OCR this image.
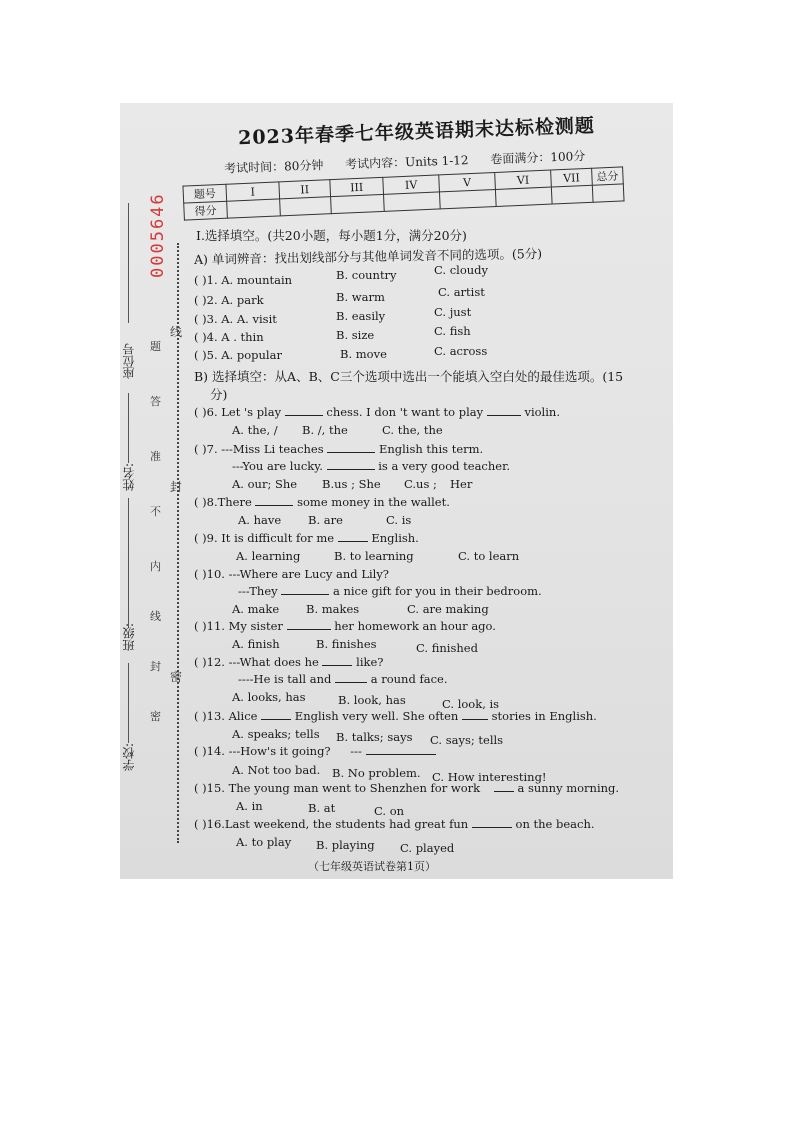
0005646
座位号
姓名:
班级:
学校:
题
答
准
不
内
线
封
密
线
封
密
2023年春季七年级英语期末达标检测题
考试时间：80分钟 考试内容：Units 1-12 卷面满分：100分
题号	I	II	III	IV	V	VI	VII	总分
得分								
Ⅰ.选择填空。(共20小题，每小题1分，满分20分)
A) 单词辨音：找出划线部分与其他单词发音不同的选项。(5分)
( )1. A. mountain	B. country	C. cloudy
( )2. A. park	B. warm	C. artist
( )3. A. A. visit	B. easily	C. just
( )4. A . thin	B. size	C. fish
( )5. A. popular	B. move	C. across
B) 选择填空：从A、B、C三个选项中选出一个能填入空白处的最佳选项。(15
分)
( )6. Let 's play	chess. I don 't want to play	violin.
A. the, / B. /, the	C. the, the
( )7. ---Miss Li teaches	English this term.
---You are lucky.	is a very good teacher.
A. our; She B.us ; She C.us ; Her
( )8.There	some money in the wallet.
A. have B. are	C. is
( )9. It is difficult for me	English.
A. learning	B. to learning	C. to learn
( )10. ---Where are Lucy and Lily?
---They	a nice gift for you in their bedroom.
A. make B. makes	C. are making
( )11. My sister	her homework an hour ago.
A. finish	B. finishes	C. finished
( )12. ---What does he	like?
----He is tall and	a round face.
A. looks, has	B. look, has	C. look, is
( )13. Alice	English very well. She often	stories in English.
A. speaks; tells B. talks; says C. says; tells
( )14. ---How's it going? ---
A. Not too bad. B. No problem. C. How interesting!
( )15. The young man went to Shenzhen for work	a sunny morning.
A. in	B. at	C. on
( )16.Last weekend, the students had great fun	on the beach.
A. to play B. playing C. played
（七年级英语试卷第1页）
